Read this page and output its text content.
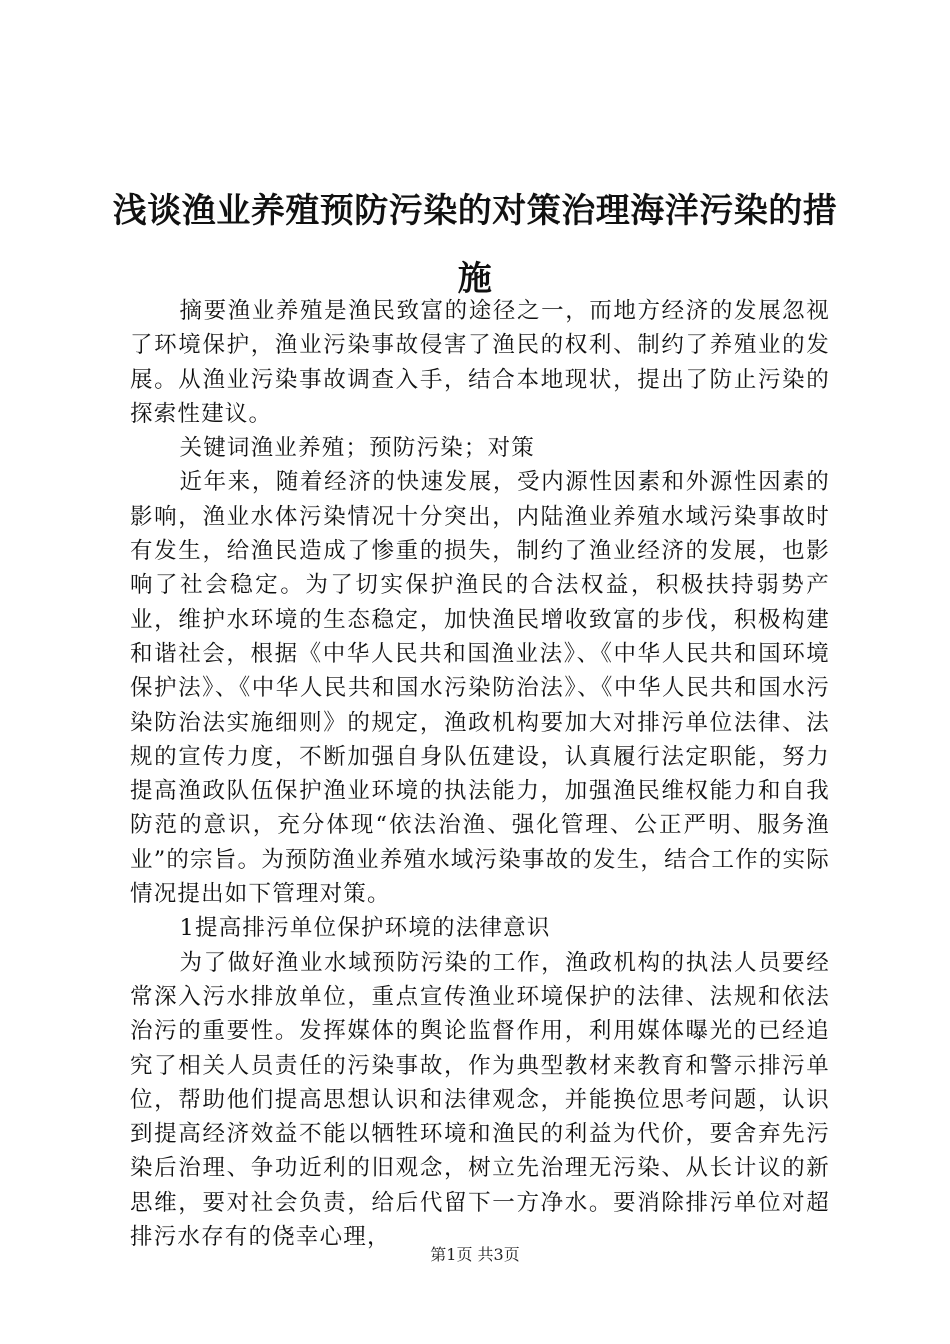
浅谈渔业养殖预防污染的对策治理海洋污染的措施

摘要渔业养殖是渔民致富的途径之一，而地方经济的发展忽视了环境保护，渔业污染事故侵害了渔民的权利、制约了养殖业的发展。从渔业污染事故调查入手，结合本地现状，提出了防止污染的探索性建议。

关键词渔业养殖；预防污染；对策

近年来，随着经济的快速发展，受内源性因素和外源性因素的影响，渔业水体污染情况十分突出，内陆渔业养殖水域污染事故时有发生，给渔民造成了惨重的损失，制约了渔业经济的发展，也影响了社会稳定。为了切实保护渔民的合法权益，积极扶持弱势产业，维护水环境的生态稳定，加快渔民增收致富的步伐，积极构建和谐社会，根据《中华人民共和国渔业法》、《中华人民共和国环境保护法》、《中华人民共和国水污染防治法》、《中华人民共和国水污染防治法实施细则》的规定，渔政机构要加大对排污单位法律、法规的宣传力度，不断加强自身队伍建设，认真履行法定职能，努力提高渔政队伍保护渔业环境的执法能力，加强渔民维权能力和自我防范的意识，充分体现“依法治渔、强化管理、公正严明、服务渔业”的宗旨。为预防渔业养殖水域污染事故的发生，结合工作的实际情况提出如下管理对策。

1提高排污单位保护环境的法律意识

为了做好渔业水域预防污染的工作，渔政机构的执法人员要经常深入污水排放单位，重点宣传渔业环境保护的法律、法规和依法治污的重要性。发挥媒体的舆论监督作用，利用媒体曝光的已经追究了相关人员责任的污染事故，作为典型教材来教育和警示排污单位，帮助他们提高思想认识和法律观念，并能换位思考问题，认识到提高经济效益不能以牺牲环境和渔民的利益为代价，要舍弃先污染后治理、争功近利的旧观念，树立先治理无污染、从长计议的新思维，要对社会负责，给后代留下一方净水。要消除排污单位对超排污水存有的侥幸心理，

第1页 共3页
